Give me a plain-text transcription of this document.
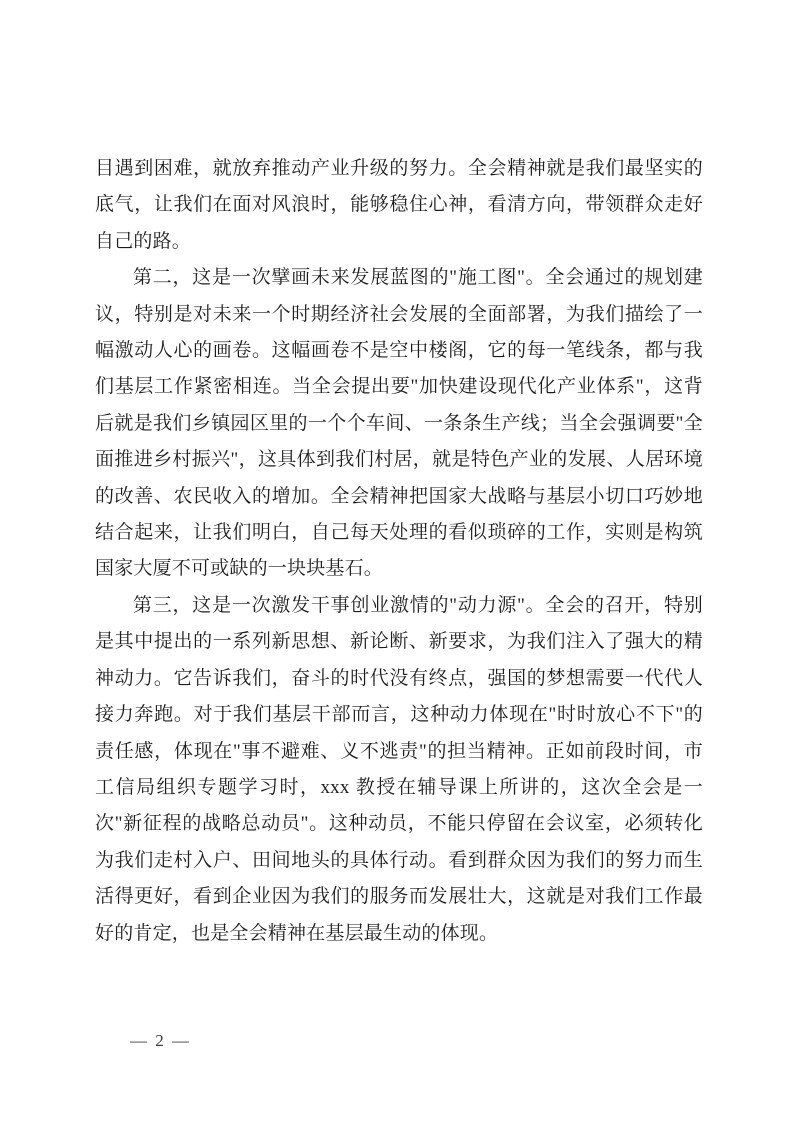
目遇到困难，就放弃推动产业升级的努力。全会精神就是我们最坚实的底气，让我们在面对风浪时，能够稳住心神，看清方向，带领群众走好自己的路。

第二，这是一次擘画未来发展蓝图的"施工图"。全会通过的规划建议，特别是对未来一个时期经济社会发展的全面部署，为我们描绘了一幅激动人心的画卷。这幅画卷不是空中楼阁，它的每一笔线条，都与我们基层工作紧密相连。当全会提出要"加快建设现代化产业体系"，这背后就是我们乡镇园区里的一个个车间、一条条生产线；当全会强调要"全面推进乡村振兴"，这具体到我们村居，就是特色产业的发展、人居环境的改善、农民收入的增加。全会精神把国家大战略与基层小切口巧妙地结合起来，让我们明白，自己每天处理的看似琐碎的工作，实则是构筑国家大厦不可或缺的一块块基石。

第三，这是一次激发干事创业激情的"动力源"。全会的召开，特别是其中提出的一系列新思想、新论断、新要求，为我们注入了强大的精神动力。它告诉我们，奋斗的时代没有终点，强国的梦想需要一代代人接力奔跑。对于我们基层干部而言，这种动力体现在"时时放心不下"的责任感，体现在"事不避难、义不逃责"的担当精神。正如前段时间，市工信局组织专题学习时，xxx 教授在辅导课上所讲的，这次全会是一次"新征程的战略总动员"。这种动员，不能只停留在会议室，必须转化为我们走村入户、田间地头的具体行动。看到群众因为我们的努力而生活得更好，看到企业因为我们的服务而发展壮大，这就是对我们工作最好的肯定，也是全会精神在基层最生动的体现。

— 2 —
